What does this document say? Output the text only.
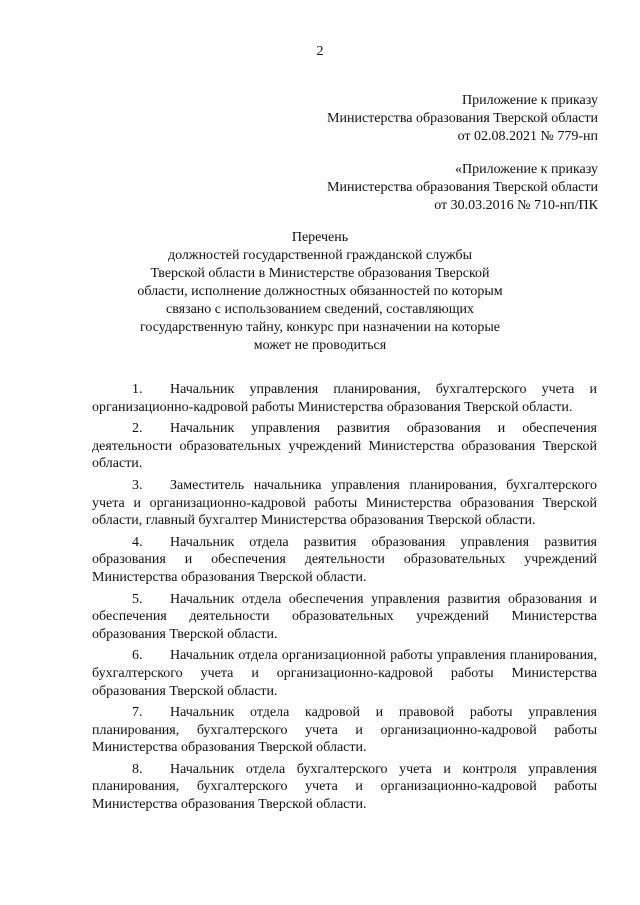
2
Приложение к приказу
Министерства образования Тверской области
от 02.08.2021 № 779-нп
«Приложение к приказу
Министерства образования Тверской области
от 30.03.2016 № 710-нп/ПК
Перечень
должностей государственной гражданской службы
Тверской области в Министерстве образования Тверской
области, исполнение должностных обязанностей по которым
связано с использованием сведений, составляющих
государственную тайну, конкурс при назначении на которые
может не проводиться
1. Начальник управления планирования, бухгалтерского учета и организационно-кадровой работы Министерства образования Тверской области.
2. Начальник управления развития образования и обеспечения деятельности образовательных учреждений Министерства образования Тверской области.
3. Заместитель начальника управления планирования, бухгалтерского учета и организационно-кадровой работы Министерства образования Тверской области, главный бухгалтер Министерства образования Тверской области.
4. Начальник отдела развития образования управления развития образования и обеспечения деятельности образовательных учреждений Министерства образования Тверской области.
5. Начальник отдела обеспечения управления развития образования и обеспечения деятельности образовательных учреждений Министерства образования Тверской области.
6. Начальник отдела организационной работы управления планирования, бухгалтерского учета и организационно-кадровой работы Министерства образования Тверской области.
7. Начальник отдела кадровой и правовой работы управления планирования, бухгалтерского учета и организационно-кадровой работы Министерства образования Тверской области.
8. Начальник отдела бухгалтерского учета и контроля управления планирования, бухгалтерского учета и организационно-кадровой работы Министерства образования Тверской области.
